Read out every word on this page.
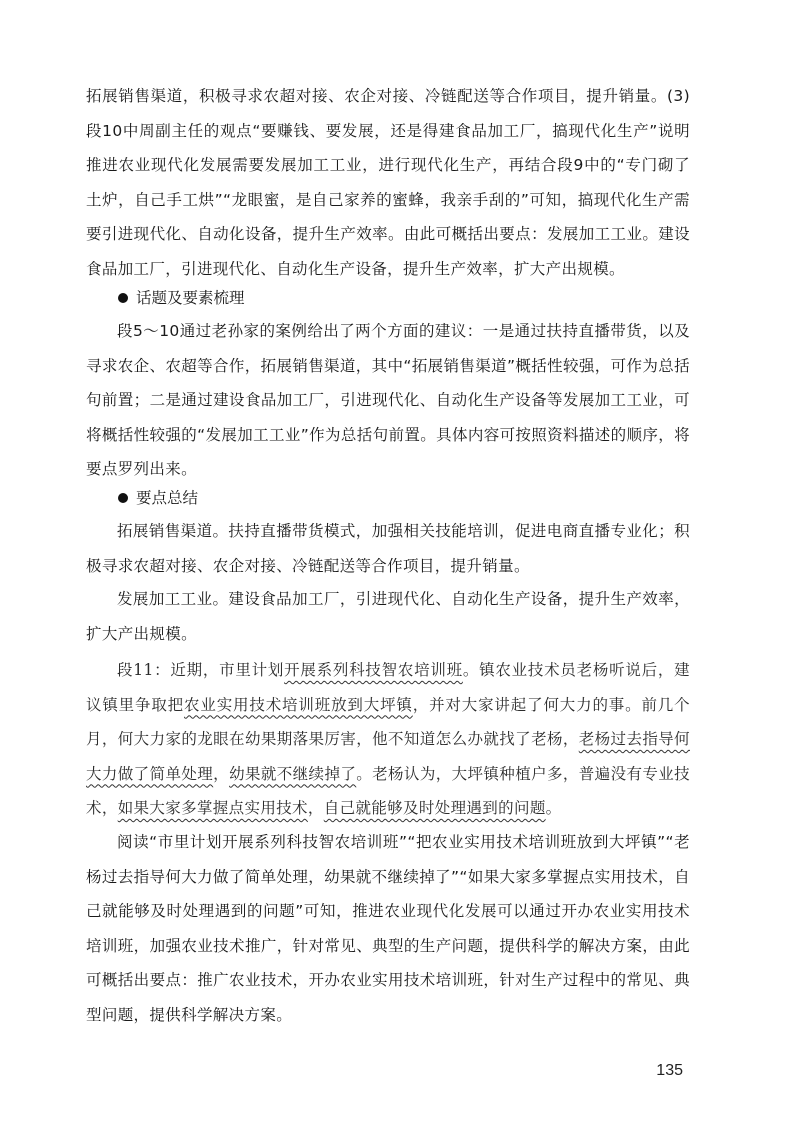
拓展销售渠道，积极寻求农超对接、农企对接、冷链配送等合作项目，提升销量。(3) 段10中周副主任的观点“要赚钱、要发展，还是得建食品加工厂，搞现代化生产”说明推进农业现代化发展需要发展加工工业，进行现代化生产，再结合段9中的“专门砌了土炉，自己手工烘”“龙眼蜜，是自己家养的蜜蜂，我亲手刮的”可知，搞现代化生产需要引进现代化、自动化设备，提升生产效率。由此可概括出要点：发展加工工业。建设食品加工厂，引进现代化、自动化生产设备，提升生产效率，扩大产出规模。

话题及要素梳理

段5～10通过老孙家的案例给出了两个方面的建议：一是通过扶持直播带货，以及寻求农企、农超等合作，拓展销售渠道，其中“拓展销售渠道”概括性较强，可作为总括句前置；二是通过建设食品加工厂，引进现代化、自动化生产设备等发展加工工业，可将概括性较强的“发展加工工业”作为总括句前置。具体内容可按照资料描述的顺序，将要点罗列出来。

要点总结

拓展销售渠道。扶持直播带货模式，加强相关技能培训，促进电商直播专业化；积极寻求农超对接、农企对接、冷链配送等合作项目，提升销量。

发展加工工业。建设食品加工厂，引进现代化、自动化生产设备，提升生产效率，扩大产出规模。

段11：近期，市里计划开展系列科技智农培训班。镇农业技术员老杨听说后，建议镇里争取把农业实用技术培训班放到大坪镇，并对大家讲起了何大力的事。前几个月，何大力家的龙眼在幼果期落果厉害，他不知道怎么办就找了老杨，老杨过去指导何大力做了简单处理，幼果就不继续掉了。老杨认为，大坪镇种植户多，普遍没有专业技术，如果大家多掌握点实用技术，自己就能够及时处理遇到的问题。

阅读“市里计划开展系列科技智农培训班”“把农业实用技术培训班放到大坪镇”“老杨过去指导何大力做了简单处理，幼果就不继续掉了”“如果大家多掌握点实用技术，自己就能够及时处理遇到的问题”可知，推进农业现代化发展可以通过开办农业实用技术培训班，加强农业技术推广，针对常见、典型的生产问题，提供科学的解决方案，由此可概括出要点：推广农业技术，开办农业实用技术培训班，针对生产过程中的常见、典型问题，提供科学解决方案。

135
